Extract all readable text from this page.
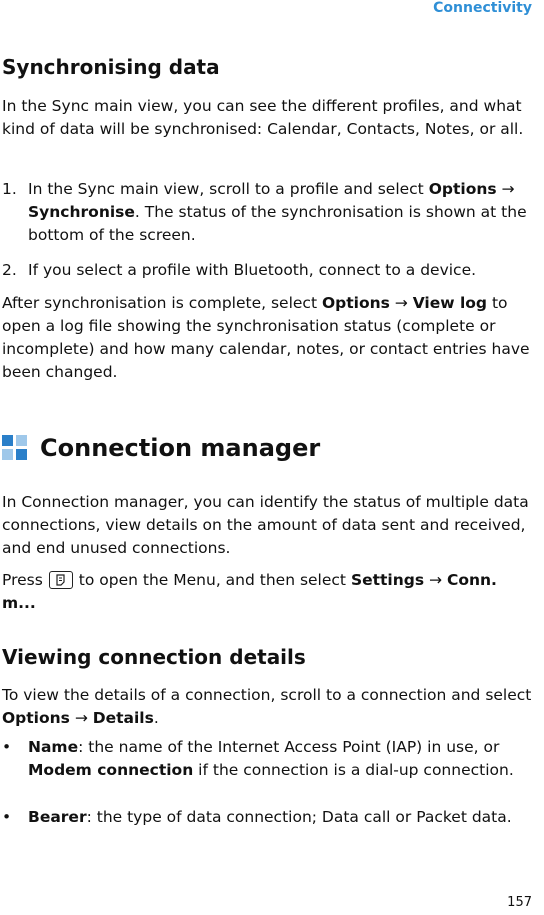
Connectivity
Synchronising data

In the Sync main view, you can see the different profiles, and what kind of data will be synchronised: Calendar, Contacts, Notes, or all.

1. In the Sync main view, scroll to a profile and select Options → Synchronise. The status of the synchronisation is shown at the bottom of the screen.
2. If you select a profile with Bluetooth, connect to a device.

After synchronisation is complete, select Options → View log to open a log file showing the synchronisation status (complete or incomplete) and how many calendar, notes, or contact entries have been changed.

Connection manager

In Connection manager, you can identify the status of multiple data connections, view details on the amount of data sent and received, and end unused connections.

Press to open the Menu, and then select Settings → Conn. m...

Viewing connection details

To view the details of a connection, scroll to a connection and select Options → Details.

• Name: the name of the Internet Access Point (IAP) in use, or Modem connection if the connection is a dial-up connection.
• Bearer: the type of data connection; Data call or Packet data.
157
